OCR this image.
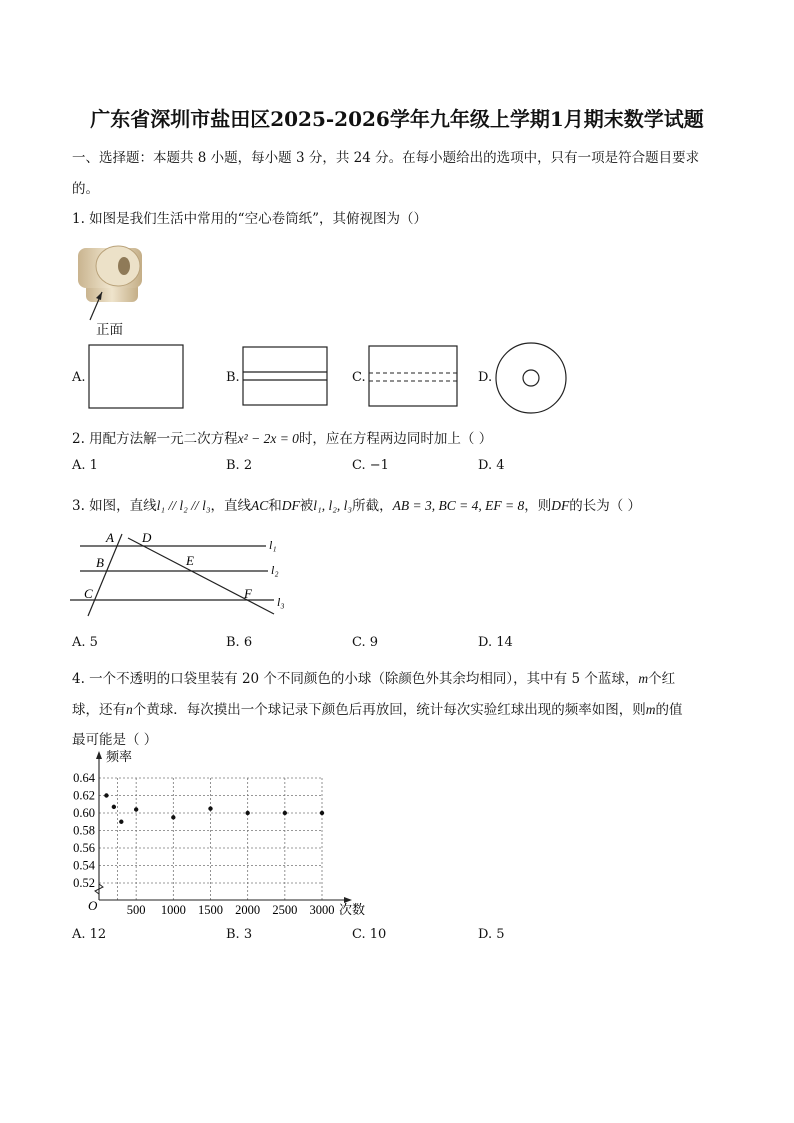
广东省深圳市盐田区2025-2026学年九年级上学期1月期末数学试题
一、选择题：本题共 8 小题，每小题 3 分，共 24 分。在每小题给出的选项中，只有一项是符合题目要求
的。
1. 如图是我们生活中常用的“空心卷筒纸”，其俯视图为（）
正面
A.	B.	C.	D.
2. 用配方法解一元二次方程x² − 2x = 0时，应在方程两边同时加上（ ）
A. 1	B. 2	C. −1	D. 4
3. 如图，直线l₁ // l₂ // l₃，直线AC和DF被l₁, l₂, l₃所截，AB = 3, BC = 4, EF = 8，则DF的长为（ ）
A D
B	E
C	F
l₁
l₂
l₃
A. 5	B. 6	C. 9	D. 14
4. 一个不透明的口袋里装有 20 个不同颜色的小球（除颜色外其余均相同），其中有 5 个蓝球，m个红
球，还有n个黄球．每次摸出一个球记录下颜色后再放回，统计每次实验红球出现的频率如图，则m的值
最可能是（ ）
频率
次数
O
0.64
0.62
0.60
0.58
0.56
0.54
0.52
500 1000 1500 2000 2500 3000
A. 12	B. 3	C. 10	D. 5
